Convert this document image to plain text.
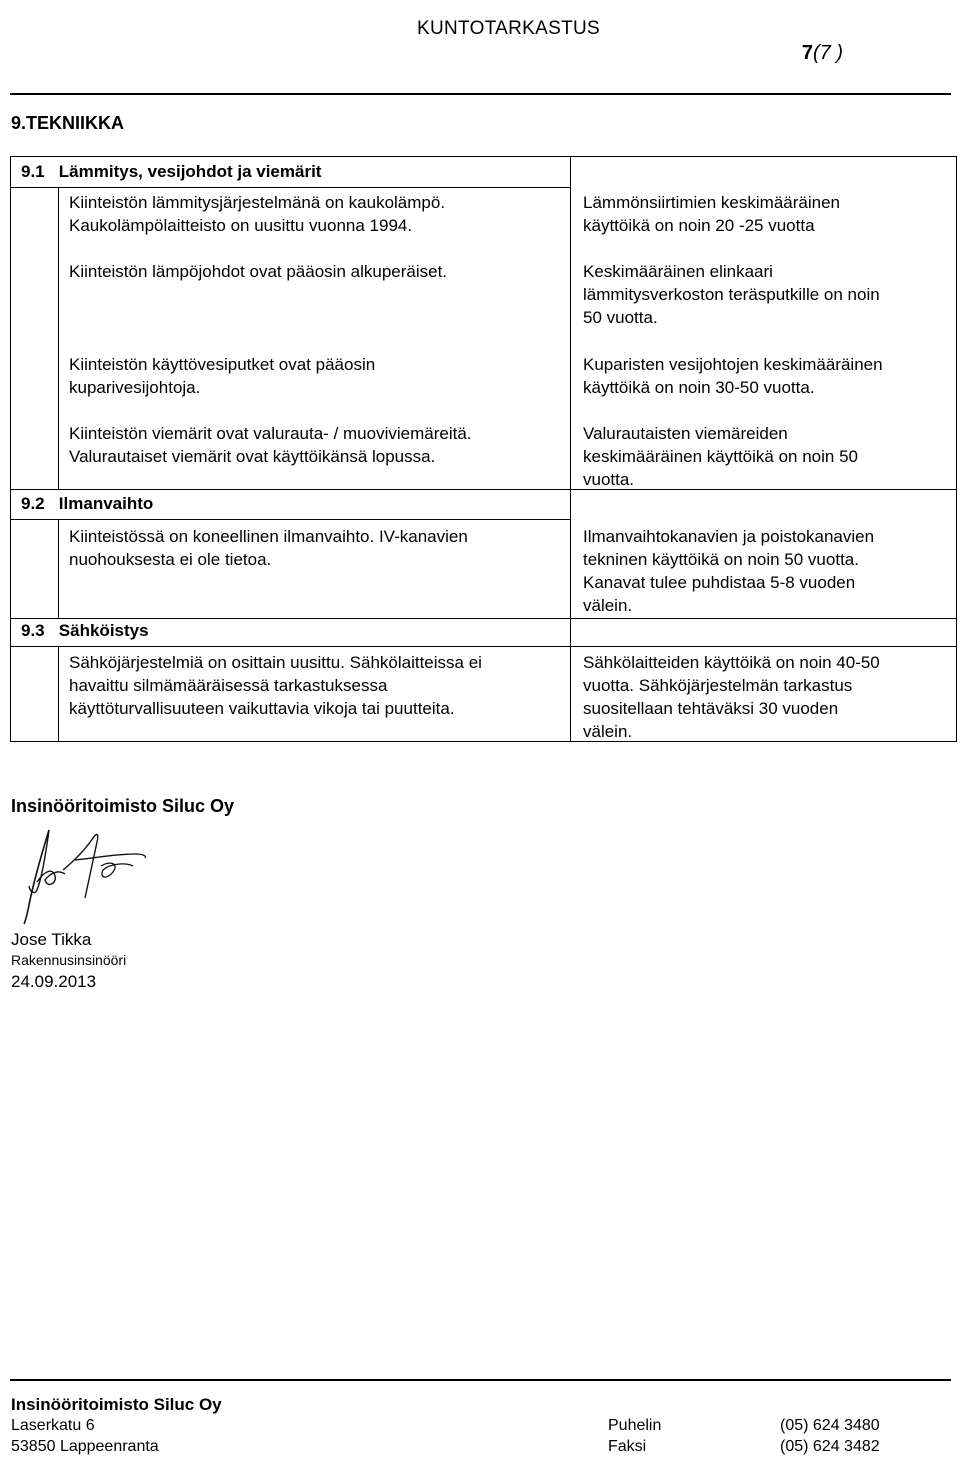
KUNTOTARKASTUS
7(7 )
9.TEKNIIKKA
9.1   Lämmitys, vesijohdot ja viemärit
Kiinteistön lämmitysjärjestelmänä on kaukolämpö.
Kaukolämpölaitteisto on uusittu vuonna 1994.
Lämmönsiirtimien keskimääräinen
käyttöikä on noin 20 -25 vuotta
Kiinteistön lämpöjohdot ovat pääosin alkuperäiset.	Keskimääräinen elinkaari
lämmitysverkoston teräsputkille on noin
50 vuotta.
Kiinteistön käyttövesiputket ovat pääosin
kuparivesijohtoja.
Kuparisten vesijohtojen keskimääräinen
käyttöikä on noin 30-50 vuotta.
Kiinteistön viemärit ovat valurauta- / muoviviemäreitä.
Valurautaiset viemärit ovat käyttöikänsä lopussa.
Valurautaisten viemäreiden
keskimääräinen käyttöikä on noin 50
vuotta.
9.2   Ilmanvaihto
Kiinteistössä on koneellinen ilmanvaihto. IV-kanavien
nuohouksesta ei ole tietoa.
Ilmanvaihtokanavien ja poistokanavien
tekninen käyttöikä on noin 50 vuotta.
Kanavat tulee puhdistaa 5-8 vuoden
välein.
9.3   Sähköistys
Sähköjärjestelmiä on osittain uusittu. Sähkölaitteissa ei
havaittu silmämääräisessä tarkastuksessa
käyttöturvallisuuteen vaikuttavia vikoja tai puutteita.
Sähkölaitteiden käyttöikä on noin 40-50
vuotta. Sähköjärjestelmän tarkastus
suositellaan tehtäväksi 30 vuoden
välein.
Insinööritoimisto Siluc Oy
Jose Tikka
Rakennusinsinööri
24.09.2013
Insinööritoimisto Siluc Oy
Laserkatu 6
53850 Lappeenranta
Puhelin
Faksi
(05) 624 3480
(05) 624 3482
